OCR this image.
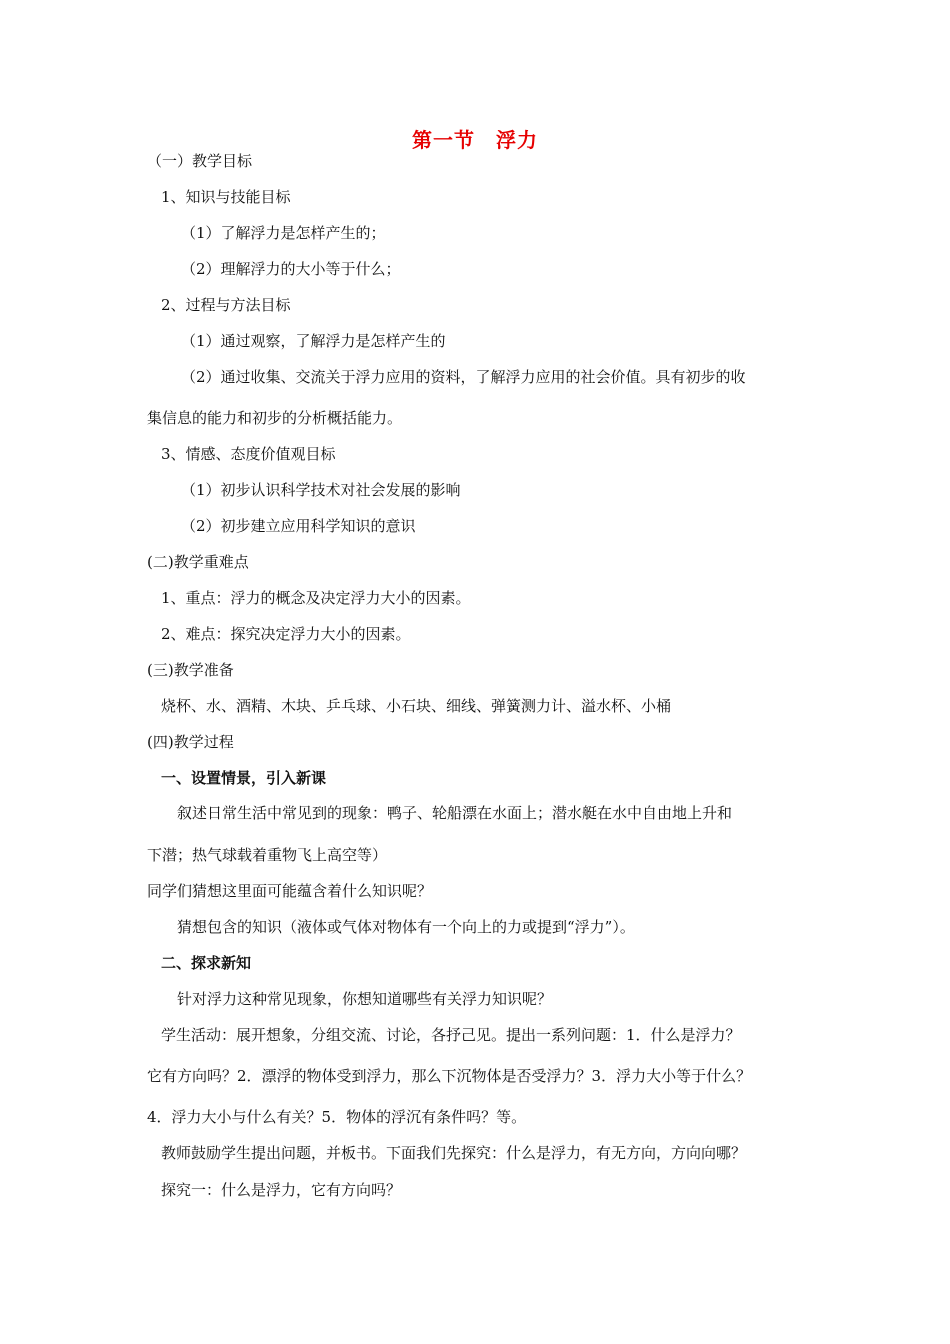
第一节　浮力
（一）教学目标
1、知识与技能目标
（1）了解浮力是怎样产生的；
（2）理解浮力的大小等于什么；
2、过程与方法目标
（1）通过观察，了解浮力是怎样产生的
（2）通过收集、交流关于浮力应用的资料，了解浮力应用的社会价值。具有初步的收
集信息的能力和初步的分析概括能力。
3、情感、态度价值观目标
（1）初步认识科学技术对社会发展的影响
（2）初步建立应用科学知识的意识
(二)教学重难点
1、重点：浮力的概念及决定浮力大小的因素。
2、难点：探究决定浮力大小的因素。
(三)教学准备
烧杯、水、酒精、木块、乒乓球、小石块、细线、弹簧测力计、溢水杯、小桶
(四)教学过程
一、设置情景，引入新课
叙述日常生活中常见到的现象：鸭子、轮船漂在水面上；潜水艇在水中自由地上升和
下潜；热气球载着重物飞上高空等）
同学们猜想这里面可能蕴含着什么知识呢？
猜想包含的知识（液体或气体对物体有一个向上的力或提到“浮力”）。
二、探求新知
针对浮力这种常见现象，你想知道哪些有关浮力知识呢？
学生活动：展开想象，分组交流、讨论，各抒己见。提出一系列问题：1．什么是浮力？
它有方向吗？2．漂浮的物体受到浮力，那么下沉物体是否受浮力？3．浮力大小等于什么？
4．浮力大小与什么有关？5．物体的浮沉有条件吗？等。
教师鼓励学生提出问题，并板书。下面我们先探究：什么是浮力，有无方向，方向向哪？
探究一：什么是浮力，它有方向吗？
